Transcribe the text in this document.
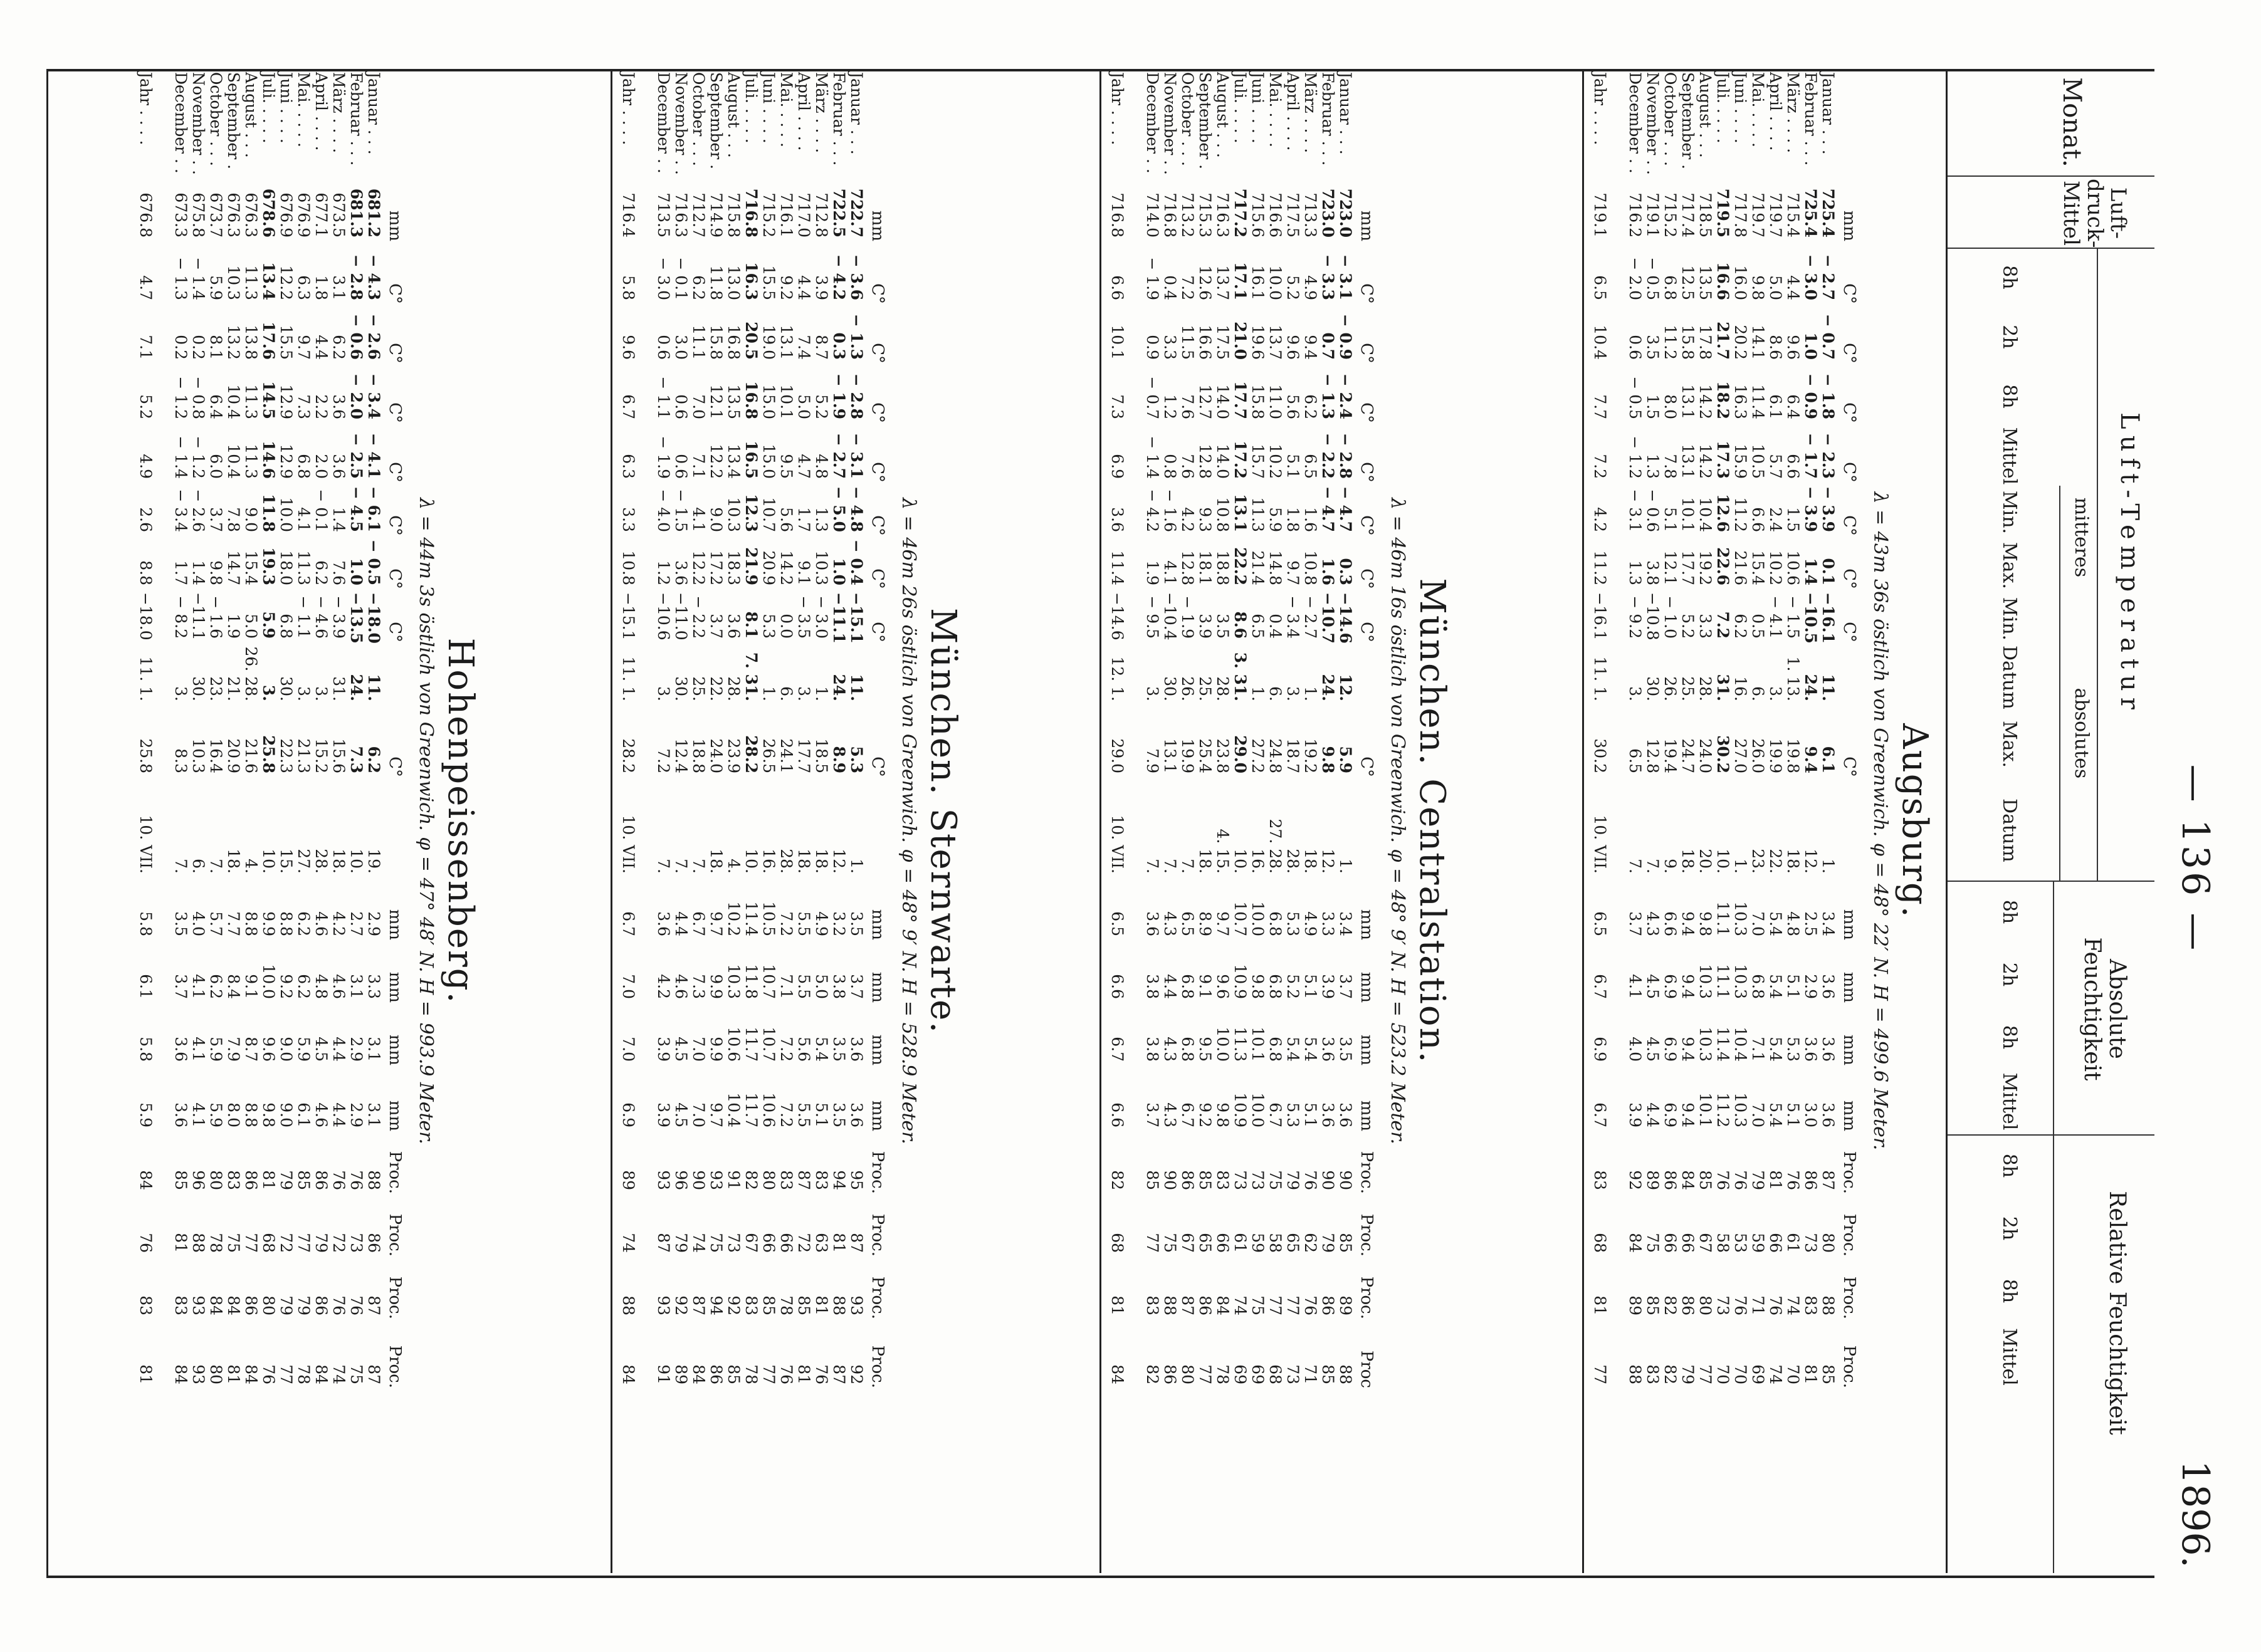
1896.
— 136 —
Monat.
Luft-druck-Mittel
Luft-Temperatur
mitteres
absolutes
Absolute Feuchtigkeit
Relative Feuchtigkeit
8h
2h
8h
Mittel
Min.
Max.
Min.
Datum
Max.
Datum
8h
2h
8h
Mittel
8h
2h
8h
Mittel
Augsburg.
λ = 43m 36s östlich von Greenwich. φ = 48° 22′ N. H = 499.6 Meter.
mm
C°
C°
C°
C°
C°
C°
C°
C°
mm
mm
mm
mm
Proc.
Proc.
Proc.
Proc.
Januar . . .
725.4
− 2.7
− 0.7
− 1.8
− 2.3
− 3.9
0.1
−16.1
11.
6.1
1.
3.4
3.6
3.6
3.6
87
80
88
85
Februar . . .
725.4
− 3.0
1.0
− 0.9
− 1.7
− 3.9
1.4
−10.5
24.
9.4
12.
2.5
2.9
3.6
3.0
86
73
83
81
März . . . .
715.4
4.4
9.6
6.4
6.6
1.5
10.6
− 1.5
1. 13.
19.8
18.
4.8
5.1
5.3
5.1
76
61
74
70
April . . . .
719.7
5.0
8.6
6.1
5.7
2.4
10.2
− 4.1
3.
19.9
22.
5.4
5.4
5.4
5.4
81
66
76
74
Mai. . . . .
719.7
9.8
14.1
11.4
10.5
6.6
15.4
0.5
6.
26.0
23.
7.0
6.8
7.1
7.0
79
59
71
69
Juni . . . .
717.8
16.0
20.2
16.3
15.9
11.2
21.6
6.2
16.
27.0
1.
10.3
10.3
10.4
10.3
76
53
76
70
Juli. . . . .
719.5
16.6
21.7
18.2
17.3
12.6
22.6
7.2
31.
30.2
10.
11.1
11.1
11.4
11.2
76
58
73
70
August . . .
718.5
13.5
17.8
14.2
14.2
10.4
19.2
3.3
28.
24.0
20.
9.8
10.3
10.3
10.1
85
67
80
77
September .
717.4
12.5
15.8
13.1
13.1
10.1
17.7
5.2
25.
24.7
18.
9.4
9.4
9.4
9.4
84
66
86
79
October . . .
715.2
6.8
11.2
8.0
7.8
5.1
12.1
− 1.0
26.
19.4
9.
6.6
6.9
6.9
6.9
86
66
82
82
November . .
719.1
− 0.5
3.5
1.5
1.3
− 0.6
3.8
−10.8
30.
12.8
7.
4.3
4.5
4.5
4.4
89
75
85
83
December . .
716.2
− 2.0
0.6
− 0.5
− 1.2
− 3.1
1.3
− 9.2
3.
6.5
7.
3.7
4.1
4.0
3.9
92
84
89
88
Jahr . . . .
719.1
6.5
10.4
7.7
7.2
4.2
11.2
−16.1
11. 1.
30.2
10. VII.
6.5
6.7
6.9
6.7
83
68
81
77
München. Centralstation.
λ = 46m 16s östlich von Greenwich. φ = 48° 9′ N. H = 523.2 Meter.
mm
C°
C°
C°
C°
C°
C°
C°
C°
mm
mm
mm
mm
Proc.
Proc.
Proc.
Proc
Januar . . .
723.0
− 3.1
− 0.9
− 2.4
− 2.8
− 4.7
0.3
−14.6
12.
5.9
1.
3.4
3.7
3.5
3.6
90
85
89
88
Februar . . .
723.0
− 3.3
0.7
− 1.3
− 2.2
− 4.7
1.6
−10.7
24.
9.8
12.
3.3
3.9
3.6
3.6
90
79
86
85
März . . . .
713.3
4.9
9.4
6.2
6.5
1.6
10.8
− 2.7
1.
19.2
18.
4.9
5.1
5.4
5.1
76
62
76
71
April . . . .
717.5
5.2
9.6
5.6
5.1
1.8
9.7
− 3.4
3.
18.7
28.
5.3
5.2
5.4
5.3
79
65
77
73
Mai. . . . .
716.6
10.0
13.7
11.0
10.2
5.9
14.8
0.4
6.
24.8
27. 28.
6.8
6.8
6.8
6.7
75
58
77
68
Juni . . . .
715.6
16.1
19.6
15.8
15.7
11.3
21.4
6.5
1.
27.2
16.
10.0
9.8
10.1
10.0
73
59
75
69
Juli. . . . .
717.2
17.1
21.0
17.7
17.2
13.1
22.2
8.6
3. 31.
29.0
10.
10.7
10.9
11.3
10.9
73
61
74
69
August . . .
716.3
13.7
17.5
14.0
14.0
10.8
18.8
3.5
28.
23.8
4. 15.
9.7
9.6
10.0
9.8
83
66
84
78
September .
715.3
12.6
16.6
12.7
12.8
9.3
18.1
3.9
25.
25.4
18.
8.9
9.1
9.5
9.2
85
65
86
77
October . . .
713.2
7.2
11.5
7.6
7.6
4.2
12.8
− 1.9
26.
19.9
7.
6.5
6.8
6.8
6.7
86
67
87
80
November . .
716.8
0.4
3.3
1.2
0.8
− 1.6
4.1
−10.4
30.
13.1
7.
4.3
4.4
4.3
4.3
90
75
88
86
December . .
714.0
− 1.9
0.9
− 0.7
− 1.4
− 4.2
1.9
− 9.5
3.
7.9
7.
3.6
3.8
3.8
3.7
85
77
83
82
Jahr . . . .
716.8
6.6
10.1
7.3
6.9
3.6
11.4
−14.6
12. 1.
29.0
10. VII.
6.5
6.6
6.7
6.6
82
68
81
84
München. Sternwarte.
λ = 46m 26s östlich von Greenwich. φ = 48° 9′ N. H = 528.9 Meter.
mm
C°
C°
C°
C°
C°
C°
C°
C°
mm
mm
mm
mm
Proc.
Proc.
Proc.
Proc.
Januar . . .
722.7
− 3.6
− 1.3
− 2.8
− 3.1
− 4.8
− 0.4
−15.1
11.
5.3
1.
3.5
3.7
3.6
3.6
95
87
93
92
Februar . . .
722.5
− 4.2
0.3
− 1.9
− 2.7
− 5.0
1.0
−11.1
24.
8.9
12.
3.2
3.8
3.5
3.5
94
81
88
87
März . . . .
712.8
3.9
8.7
5.2
4.8
1.3
10.3
− 3.0
1.
18.5
18.
4.9
5.0
5.4
5.1
83
63
81
76
April . . . .
717.0
4.4
7.4
5.0
4.7
1.7
9.1
− 3.5
3.
17.7
18.
5.5
5.5
5.6
5.5
87
72
85
81
Mai. . . . .
716.1
9.2
13.1
10.1
9.5
5.6
14.2
0.0
6.
24.1
28.
7.2
7.1
7.2
7.2
83
66
78
76
Juni . . . .
715.2
15.5
19.0
15.0
15.0
10.7
20.9
5.3
1.
26.5
16.
10.5
10.7
10.7
10.6
80
66
85
77
Juli. . . . .
716.8
16.3
20.5
16.8
16.5
12.3
21.9
8.1
7. 31.
28.2
10.
11.4
11.8
11.7
11.7
82
67
83
78
August . . .
715.8
13.0
16.8
13.5
13.4
10.3
18.3
3.6
28.
23.9
4.
10.2
10.3
10.6
10.4
91
73
92
85
September .
714.9
11.8
15.8
12.1
12.2
9.0
17.2
3.7
22.
24.0
18.
9.7
9.9
9.9
9.7
93
75
94
86
October . . .
712.7
6.2
11.1
7.0
7.1
4.1
12.2
− 2.2
25.
18.8
7.
6.7
7.3
7.0
7.0
90
74
87
84
November . .
716.3
− 0.1
3.0
0.6
0.6
− 1.5
3.6
−11.0
30.
12.4
7.
4.4
4.6
4.5
4.5
96
79
92
89
December . .
713.5
− 3.0
0.6
− 1.1
− 1.9
− 4.0
1.2
−10.6
3.
7.2
7.
3.6
4.2
3.9
3.9
93
87
93
91
Jahr . . . .
716.4
5.8
9.6
6.7
6.3
3.3
10.8
−15.1
11. 1.
28.2
10. VII.
6.7
7.0
7.0
6.9
89
74
88
84
Hohenpeissenberg.
λ = 44m 3s östlich von Greenwich. φ = 47° 48′ N. H = 993.9 Meter.
mm
C°
C°
C°
C°
C°
C°
C°
C°
mm
mm
mm
mm
Proc.
Proc.
Proc.
Proc.
Januar . . .
681.2
− 4.3
− 2.6
− 3.4
− 4.1
− 6.1
− 0.5
−18.0
11.
6.2
19.
2.9
3.3
3.1
3.1
88
86
87
87
Februar . . .
681.3
− 2.8
− 0.6
− 2.0
− 2.5
− 4.5
1.0
−13.5
24.
7.3
10.
2.7
3.1
2.9
2.9
76
73
76
75
März . . . .
673.5
3.1
6.2
3.6
3.6
1.4
7.6
− 3.9
31.
15.6
18.
4.2
4.6
4.4
4.4
76
72
76
74
April . . . .
677.1
1.8
4.4
2.2
2.0
− 0.1
6.2
− 4.6
3.
15.2
28.
4.6
4.8
4.5
4.6
86
79
86
84
Mai. . . . .
676.9
6.3
9.7
7.3
6.8
4.1
11.3
− 1.1
3.
21.3
27.
6.2
6.2
5.9
6.1
85
77
79
78
Juni . . . .
676.9
12.2
15.5
12.9
12.9
10.0
18.0
6.8
30.
22.3
15.
8.8
9.2
9.0
9.0
79
72
79
77
Juli. . . . .
678.6
13.4
17.6
14.5
14.6
11.8
19.3
5.9
3.
25.8
10.
9.9
10.0
9.6
9.8
81
68
80
76
August . . .
676.3
11.3
13.8
11.3
11.3
9.0
15.4
5.0
26. 28.
21.6
4.
8.8
9.1
8.7
8.8
86
77
86
84
September .
676.3
10.3
13.2
10.4
10.4
7.8
14.7
1.9
21.
20.9
18.
7.7
8.4
7.9
8.0
83
75
84
81
October . . .
673.7
5.9
8.1
6.4
6.0
3.7
9.8
− 1.6
23.
16.4
7.
5.7
6.2
5.9
5.9
80
78
84
80
November . .
675.8
− 1.4
0.2
− 0.8
− 1.2
− 2.6
1.4
−11.1
30.
10.3
6.
4.0
4.1
4.1
4.1
96
88
93
93
December . .
673.3
− 1.3
0.2
− 1.2
− 1.4
− 3.4
1.7
− 8.2
3.
8.3
7.
3.5
3.7
3.6
3.6
85
81
83
84
Jahr . . . .
676.8
4.7
7.1
5.2
4.9
2.6
8.8
−18.0
11. 1.
25.8
10. VII.
5.8
6.1
5.8
5.9
84
76
83
81
